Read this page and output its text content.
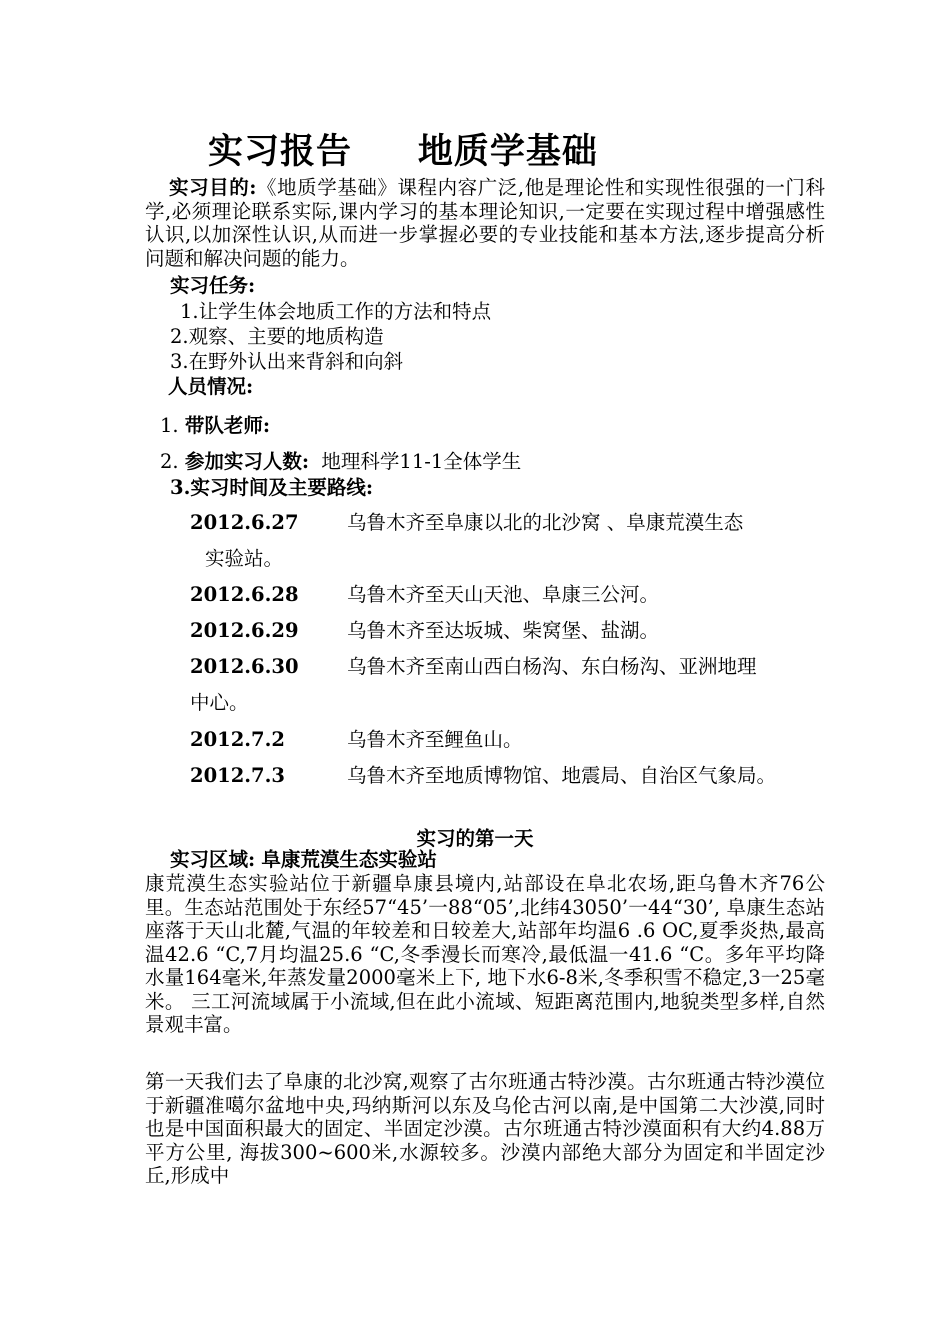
实习报告     地质学基础

实习目的:《地质学基础》课程内容广泛,他是理论性和实现性很强的一门科学,必须理论联系实际,课内学习的基本理论知识,一定要在实现过程中增强感性认识,以加深性认识,从而进一步掌握必要的专业技能和基本方法,逐步提高分析问题和解决问题的能力。

实习任务:
1.让学生体会地质工作的方法和特点
2.观察、主要的地质构造
3.在野外认出来背斜和向斜
人员情况:
1. 带队老师:
2. 参加实习人数: 地理科学11-1全体学生
3.实习时间及主要路线:
2012.6.27 乌鲁木齐至阜康以北的北沙窝 、阜康荒漠生态
实验站。
2012.6.28 乌鲁木齐至天山天池、阜康三公河。
2012.6.29 乌鲁木齐至达坂城、柴窝堡、盐湖。
2012.6.30 乌鲁木齐至南山西白杨沟、东白杨沟、亚洲地理
中心。
2012.7.2	乌鲁木齐至鲤鱼山。
2012.7.3	乌鲁木齐至地质博物馆、地震局、自治区气象局。
实习的第一天
实习区域: 阜康荒漠生态实验站

康荒漠生态实验站位于新疆阜康县境内,站部设在阜北农场,距乌鲁木齐76公里。生态站范围处于东经57“45’一88“05’,北纬43050’一44“30’, 阜康生态站座落于天山北麓,气温的年较差和日较差大,站部年均温6 .6 OC,夏季炎热,最高温42.6 “C,7月均温25.6 “C,冬季漫长而寒冷,最低温一41.6 “C。多年平均降水量164毫米,年蒸发量2000毫米上下, 地下水6-8米,冬季积雪不稳定,3一25毫米。 三工河流域属于小流域,但在此小流域、短距离范围内,地貌类型多样,自然景观丰富。

第一天我们去了阜康的北沙窝,观察了古尔班通古特沙漠。古尔班通古特沙漠位于新疆准噶尔盆地中央,玛纳斯河以东及乌伦古河以南,是中国第二大沙漠,同时也是中国面积最大的固定、半固定沙漠。古尔班通古特沙漠面积有大约4.88万平方公里, 海拔300~600米,水源较多。沙漠内部绝大部分为固定和半固定沙丘,形成中
